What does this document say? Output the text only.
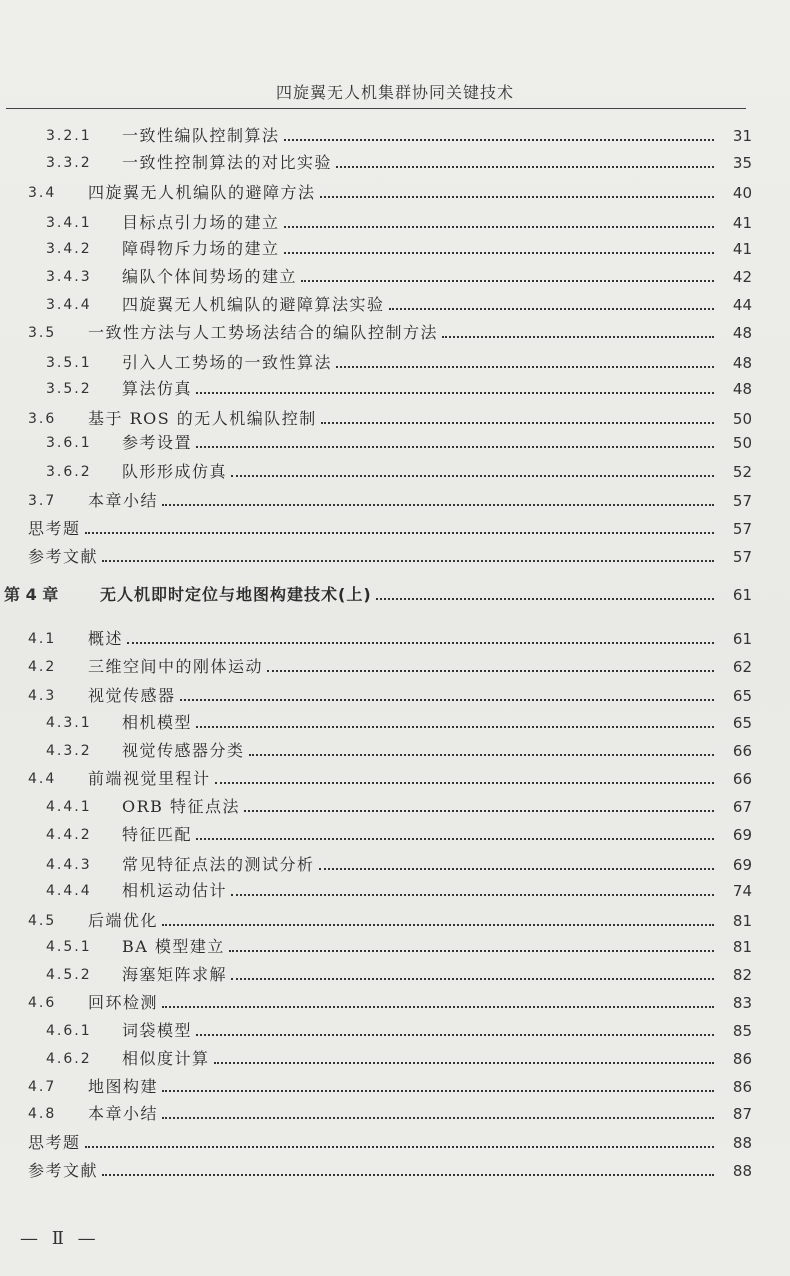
四旋翼无人机集群协同关键技术
3.2.1	一致性编队控制算法	31
3.3.2	一致性控制算法的对比实验	35
3.4	四旋翼无人机编队的避障方法	40
3.4.1	目标点引力场的建立	41
3.4.2	障碍物斥力场的建立	41
3.4.3	编队个体间势场的建立	42
3.4.4	四旋翼无人机编队的避障算法实验	44
3.5	一致性方法与人工势场法结合的编队控制方法	48
3.5.1	引入人工势场的一致性算法	48
3.5.2	算法仿真	48
3.6	基于 ROS 的无人机编队控制	50
3.6.1	参考设置	50
3.6.2	队形形成仿真	52
3.7	本章小结	57
思考题	57
参考文献	57
第 4 章	无人机即时定位与地图构建技术(上)	61
4.1	概述	61
4.2	三维空间中的刚体运动	62
4.3	视觉传感器	65
4.3.1	相机模型	65
4.3.2	视觉传感器分类	66
4.4	前端视觉里程计	66
4.4.1	ORB 特征点法	67
4.4.2	特征匹配	69
4.4.3	常见特征点法的测试分析	69
4.4.4	相机运动估计	74
4.5	后端优化	81
4.5.1	BA 模型建立	81
4.5.2	海塞矩阵求解	82
4.6	回环检测	83
4.6.1	词袋模型	85
4.6.2	相似度计算	86
4.7	地图构建	86
4.8	本章小结	87
思考题	88
参考文献	88
— Ⅱ —
